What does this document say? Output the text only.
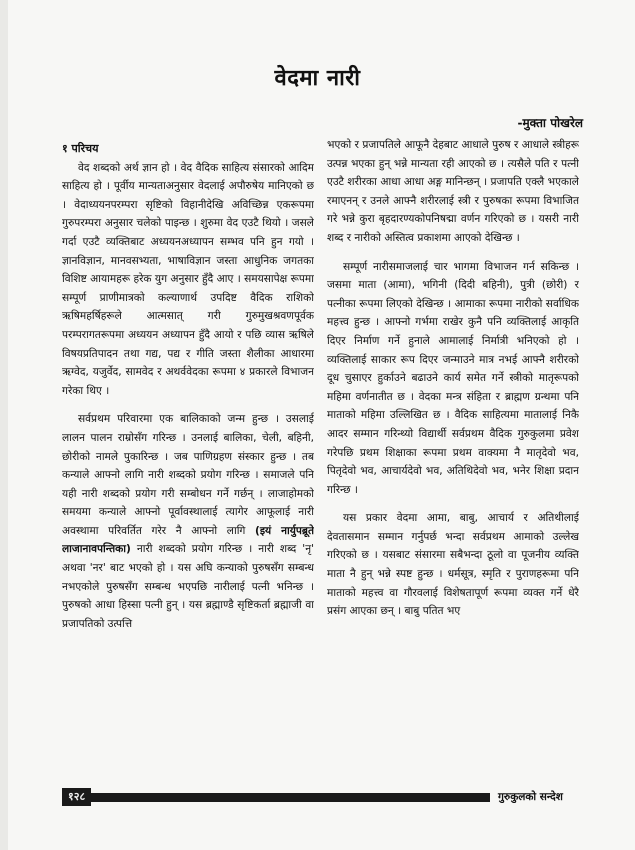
वेदमा नारी

-मुक्ता पोखरेल

१ परिचय

वेद शब्दको अर्थ ज्ञान हो । वेद वैदिक साहित्य संसारको आदिम साहित्य हो । पूर्वीय मान्यताअनुसार वेदलाई अपौरुषेय मानिएको छ । वेदाध्ययनपरम्परा सृष्टिको विहानीदेखि अविच्छिन्न एकरूपमा गुरुपरम्परा अनुसार चलेको पाइन्छ । शुरुमा वेद एउटै थियो । जसले गर्दा एउटै व्यक्तिबाट अध्ययनअध्यापन सम्भव पनि हुन गयो । ज्ञानविज्ञान, मानवसभ्यता, भाषाविज्ञान जस्ता आधुनिक जगतका विशिष्ट आयामहरू हरेक युग अनुसार हुँदै आए । समयसापेक्ष रूपमा सम्पूर्ण प्राणीमात्रको कल्याणार्थ उपदिष्ट वैदिक राशिको ऋषिमहर्षिहरूले आत्मसात् गरी गुरुमुखश्रवणपूर्वक परम्परागतरूपमा अध्ययन अध्यापन हुँदै आयो र पछि व्यास ऋषिले विषयप्रतिपादन तथा गद्य, पद्य र गीति जस्ता शैलीका आधारमा ऋग्वेद, यजुर्वेद, सामवेद र अथर्ववेदका रूपमा ४ प्रकारले विभाजन गरेका थिए ।

सर्वप्रथम परिवारमा एक बालिकाको जन्म हुन्छ । उसलाई लालन पालन राम्रोसँग गरिन्छ । उनलाई बालिका, चेली, बहिनी, छोरीको नामले पुकारिन्छ । जब पाणिग्रहण संस्कार हुन्छ । तब कन्याले आफ्नो लागि नारी शब्दको प्रयोग गरिन्छ । समाजले पनि यही नारी शब्दको प्रयोग गरी सम्बोधन गर्ने गर्छन् । लाजाहोमको समयमा कन्याले आफ्नो पूर्वावस्थालाई त्यागेर आफूलाई नारी अवस्थामा परिवर्तित गरेर नै आफ्नो लागि (इयं नार्युपब्रूते लाजानावपन्तिका) नारी शब्दको प्रयोग गरिन्छ । नारी शब्द 'नृ' अथवा 'नर' बाट भएको हो । यस अघि कन्याको पुरुषसँग सम्बन्ध नभएकोले पुरुषसँग सम्बन्ध भएपछि नारीलाई पत्नी भनिन्छ । पुरुषको आधा हिस्सा पत्नी हुन् । यस ब्रह्माण्डै सृष्टिकर्ता ब्रह्माजी वा प्रजापतिको उत्पत्ति

भएको र प्रजापतिले आफूनै देहबाट आधाले पुरुष र आधाले स्त्रीहरू उत्पन्न भएका हुन् भन्ने मान्यता रही आएको छ । त्यसैले पति र पत्नी एउटै शरीरका आधा आधा अङ्ग मानिन्छन् । प्रजापति एक्लै भएकाले रमाएनन् र उनले आफ्नै शरीरलाई स्त्री र पुरुषका रूपमा विभाजित गरे भन्ने कुरा बृहदारण्यकोपनिषद्मा वर्णन गरिएको छ । यसरी नारी शब्द र नारीको अस्तित्व प्रकाशमा आएको देखिन्छ ।

सम्पूर्ण नारीसमाजलाई चार भागमा विभाजन गर्न सकिन्छ । जसमा माता (आमा), भगिनी (दिदी बहिनी), पुत्री (छोरी) र पत्नीका रूपमा लिएको देखिन्छ । आमाका रूपमा नारीको सर्वाधिक महत्त्व हुन्छ । आफ्नो गर्भमा राखेर कुनै पनि व्यक्तिलाई आकृति दिएर निर्माण गर्ने हुनाले आमालाई निर्मात्री भनिएको हो । व्यक्तिलाई साकार रूप दिएर जन्माउने मात्र नभई आफ्नै शरीरको दूध चुसाएर हुर्काउने बढाउने कार्य समेत गर्ने स्त्रीको मातृरूपको महिमा वर्णनातीत छ । वेदका मन्त्र संहिता र ब्राह्मण ग्रन्थमा पनि माताको महिमा उल्लिखित छ । वैदिक साहित्यमा मातालाई निकै आदर सम्मान गरिन्थ्यो विद्यार्थी सर्वप्रथम वैदिक गुरुकुलमा प्रवेश गरेपछि प्रथम शिक्षाका रूपमा प्रथम वाक्यमा नै मातृदेवो भव, पितृदेवो भव, आचार्यदेवो भव, अतिथिदेवो भव, भनेर शिक्षा प्रदान गरिन्छ ।

यस प्रकार वेदमा आमा, बाबु, आचार्य र अतिथीलाई देवतासमान सम्मान गर्नुपर्छ भन्दा सर्वप्रथम आमाको उल्लेख गरिएको छ । यसबाट संसारमा सबैभन्दा ठूलो वा पूजनीय व्यक्ति माता नै हुन् भन्ने स्पष्ट हुन्छ । धर्मसूत्र, स्मृति र पुराणहरूमा पनि माताको महत्त्व वा गौरवलाई विशेषतापूर्ण रूपमा व्यक्त गर्ने धेरै प्रसंग आएका छन् । बाबु पतित भए

१२८	गुरुकुलको सन्देश
